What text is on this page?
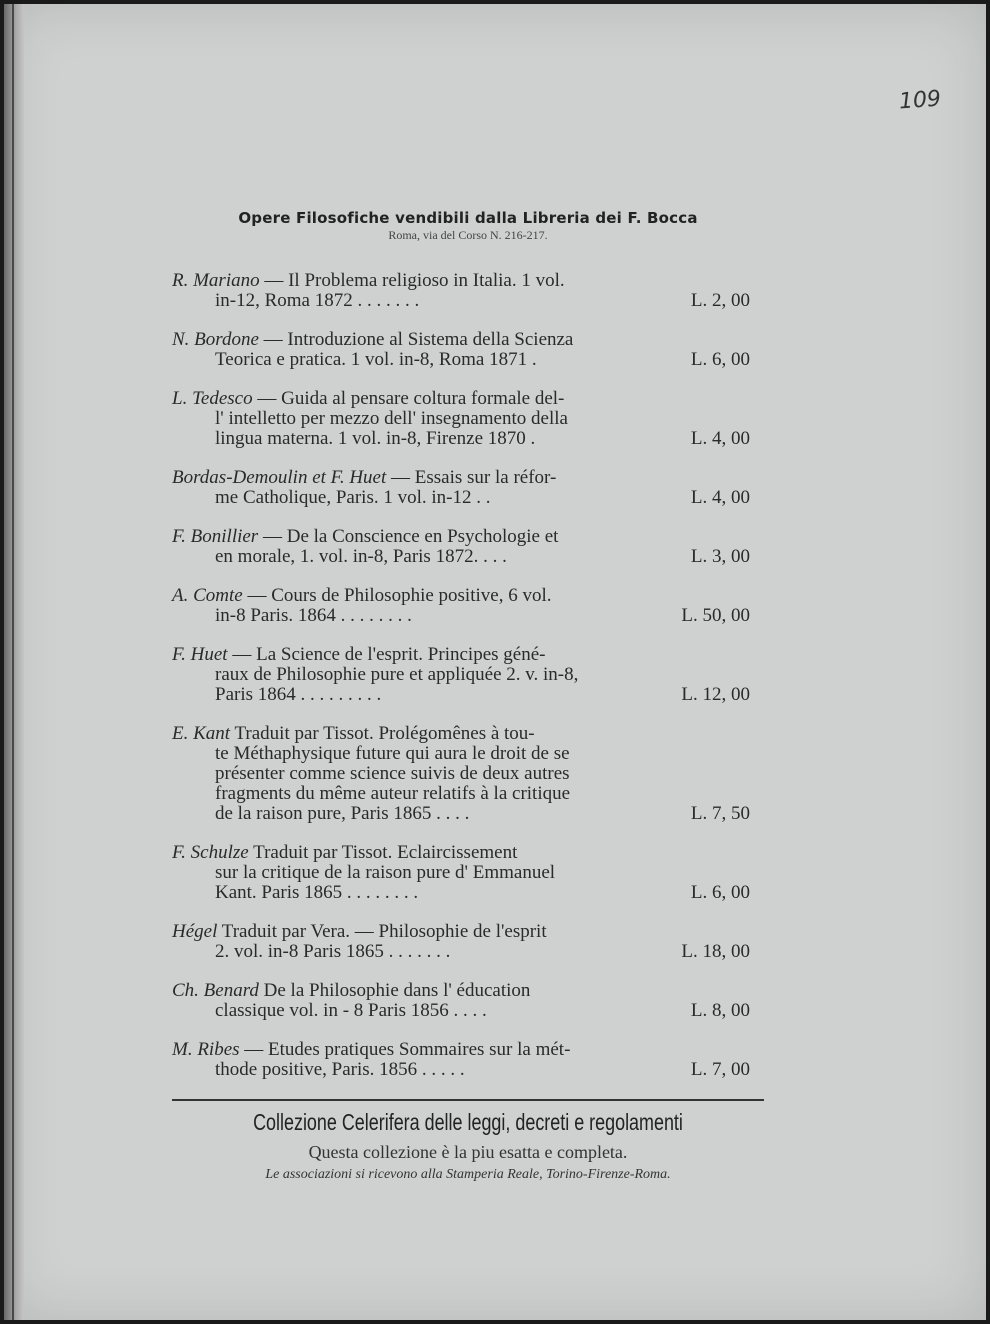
109
Opere Filosofiche vendibili dalla Libreria dei F. Bocca
Roma, via del Corso N. 216-217.
R. Mariano — Il Problema religioso in Italia. 1 vol.
in-12, Roma 1872 . . . . . . .	L. 2, 00
N. Bordone — Introduzione al Sistema della Scienza
Teorica e pratica. 1 vol. in-8, Roma 1871 .	L. 6, 00
L. Tedesco — Guida al pensare coltura formale del-
l' intelletto per mezzo dell' insegnamento della
lingua materna. 1 vol. in-8, Firenze 1870 .	L. 4, 00
Bordas-Demoulin et F. Huet — Essais sur la réfor-
me Catholique, Paris. 1 vol. in-12 . .	L. 4, 00
F. Bonillier — De la Conscience en Psychologie et
en morale, 1. vol. in-8, Paris 1872. . . .	L. 3, 00
A. Comte — Cours de Philosophie positive, 6 vol.
in-8 Paris. 1864 . . . . . . . .	L. 50, 00
F. Huet — La Science de l'esprit. Principes géné-
raux de Philosophie pure et appliquée 2. v. in-8,
Paris 1864 . . . . . . . . .	L. 12, 00
E. Kant Traduit par Tissot. Prolégomênes à tou-
te Méthaphysique future qui aura le droit de se
présenter comme science suivis de deux autres
fragments du même auteur relatifs à la critique
de la raison pure, Paris 1865 . . . .	L. 7, 50
F. Schulze Traduit par Tissot. Eclaircissement
sur la critique de la raison pure d' Emmanuel
Kant. Paris 1865 . . . . . . . .	L. 6, 00
Hégel Traduit par Vera. — Philosophie de l'esprit
2. vol. in-8 Paris 1865 . . . . . . .	L. 18, 00
Ch. Benard De la Philosophie dans l' éducation
classique vol. in - 8 Paris 1856 . . . .	L. 8, 00
M. Ribes — Etudes pratiques Sommaires sur la mét-
thode positive, Paris. 1856 . . . . .	L. 7, 00
Collezione Celerifera delle leggi, decreti e regolamenti
Questa collezione è la piu esatta e completa.
Le associazioni si ricevono alla Stamperia Reale, Torino-Firenze-Roma.
